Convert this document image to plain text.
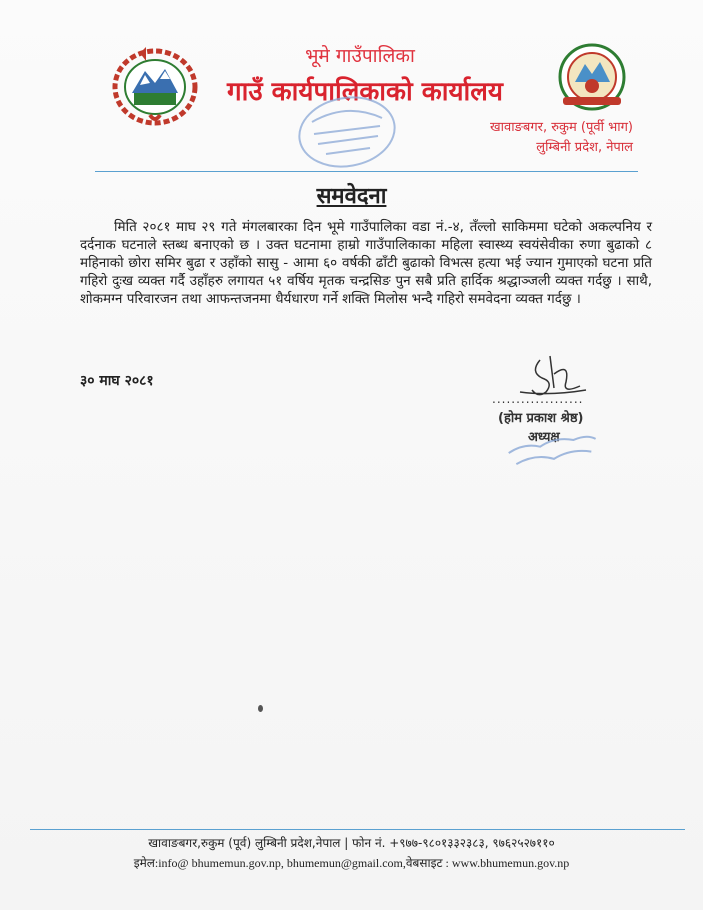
भूमे गाउँपालिका
गाउँ कार्यपालिकाको कार्यालय
खावाङबगर, रुकुम (पूर्वी भाग)
लुम्बिनी प्रदेश, नेपाल
समवेदना
मिति २०८१ माघ २९ गते मंगलबारका दिन भूमे गाउँपालिका वडा नं.-४, तँल्लो साकिममा घटेको अकल्पनिय र दर्दनाक घटनाले स्तब्ध बनाएको छ । उक्त घटनामा हाम्रो गाउँपालिकाका महिला स्वास्थ्य स्वयंसेवीका रुणा बुढाको ८ महिनाको छोरा समिर बुढा र उहाँको सासु - आमा ६० वर्षकी ढाँटी बुढाको विभत्स हत्या भई ज्यान गुमाएको घटना प्रति गहिरो दुःख व्यक्त गर्दै उहाँहरु लगायत ५१ वर्षिय मृतक चन्द्रसिङ पुन सबै प्रति हार्दिक श्रद्धाञ्जली व्यक्त गर्दछु । साथै, शोकमग्न परिवारजन तथा आफन्तजनमा धैर्यधारण गर्ने शक्ति मिलोस भन्दै गहिरो समवेदना व्यक्त गर्दछु ।
३० माघ २०८१
...................
(होम प्रकाश श्रेष्ठ)
अध्यक्ष
खावाङबगर,रुकुम (पूर्व) लुम्बिनी प्रदेश,नेपाल | फोन नं. +९७७-९८०१३३२३८३, ९७६२५२७११०
इमेल:info@ bhumemun.gov.np, bhumemun@gmail.com,वेबसाइट : www.bhumemun.gov.np
